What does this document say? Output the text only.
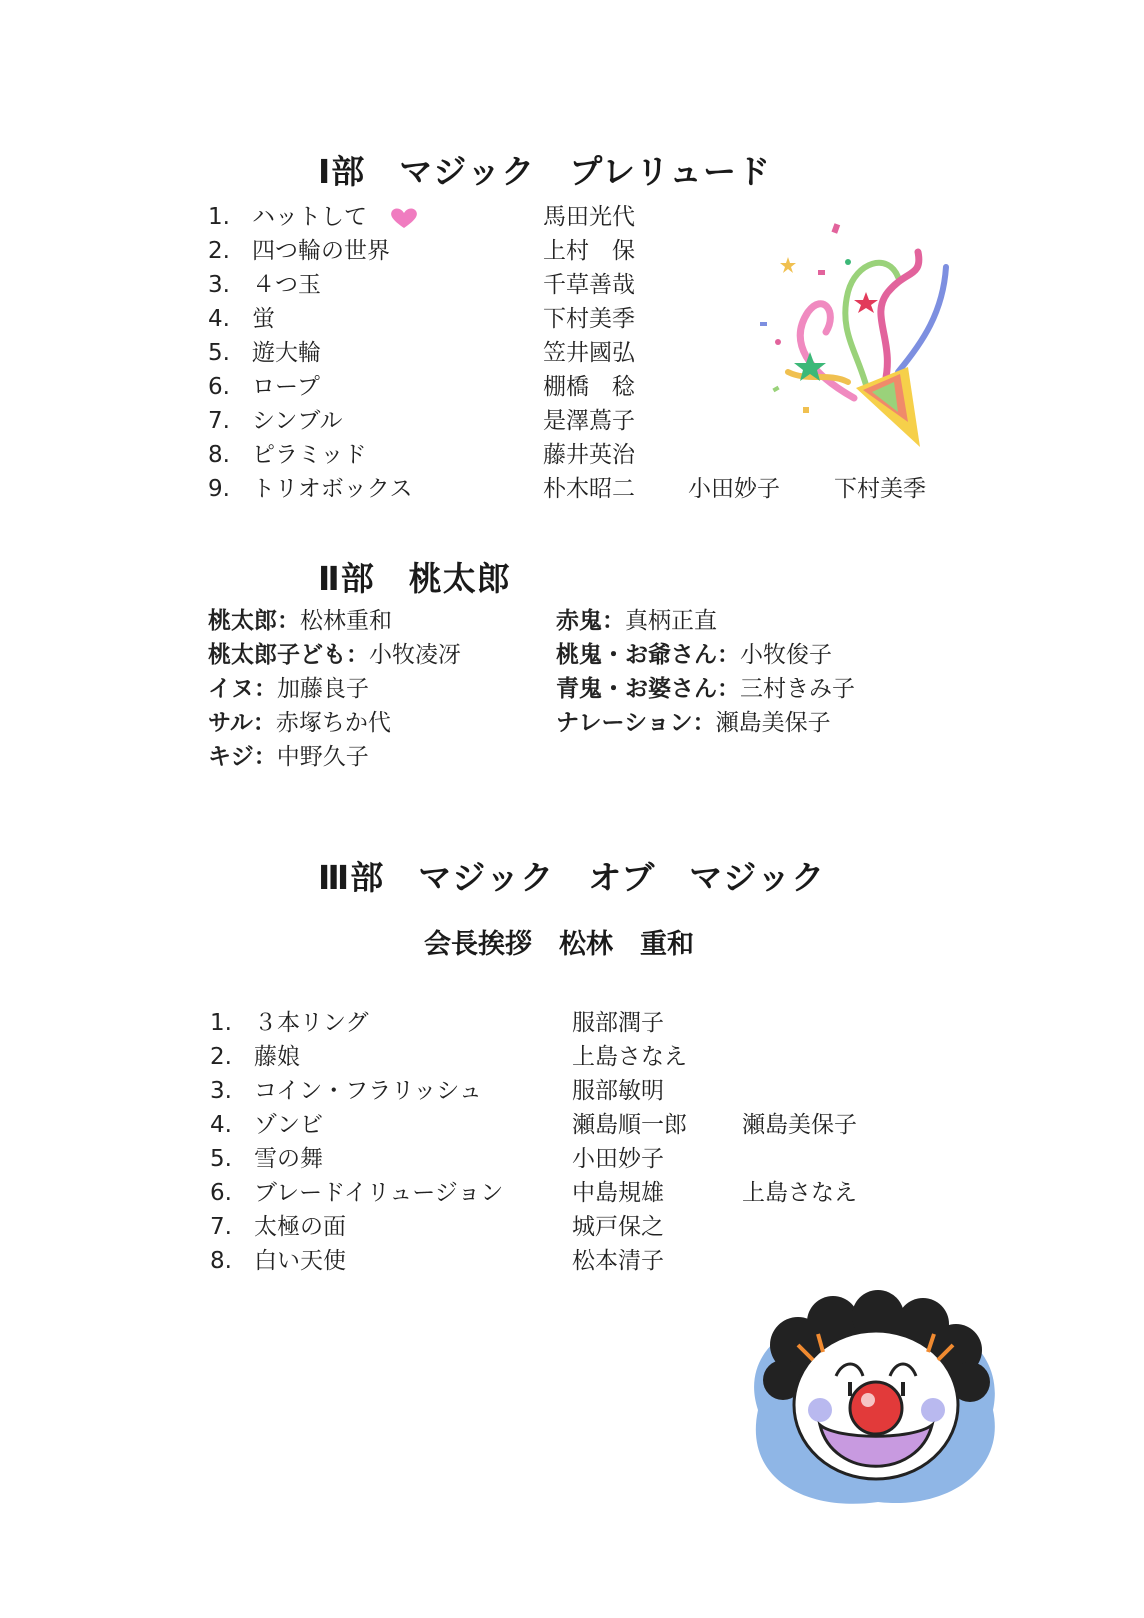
Ⅰ部　マジック　プレリュード
1. ハットして	馬田光代
2. 四つ輪の世界	上村　保
3. ４つ玉	千草善哉
4. 蛍	下村美季
5. 遊大輪	笠井國弘
6. ロープ	棚橋　稔
7. シンブル	是澤蔦子
8. ピラミッド	藤井英治
9. トリオボックス	朴木昭二 小田妙子 下村美季
Ⅱ部　桃太郎
桃太郎：松林重和
桃太郎子ども：小牧凌冴
イヌ：加藤良子
サル：赤塚ちか代
キジ：中野久子
赤鬼：真柄正直
桃鬼・お爺さん：小牧俊子
青鬼・お婆さん：三村きみ子
ナレーション：瀬島美保子
Ⅲ部　マジック　オブ　マジック
会長挨拶　松林　重和
1. ３本リング	服部潤子
2. 藤娘	上島さなえ
3. コイン・フラリッシュ	服部敏明
4. ゾンビ	瀬島順一郎 瀬島美保子
5. 雪の舞	小田妙子
6. ブレードイリュージョン	中島規雄	上島さなえ
7. 太極の面	城戸保之
8. 白い天使	松本清子
